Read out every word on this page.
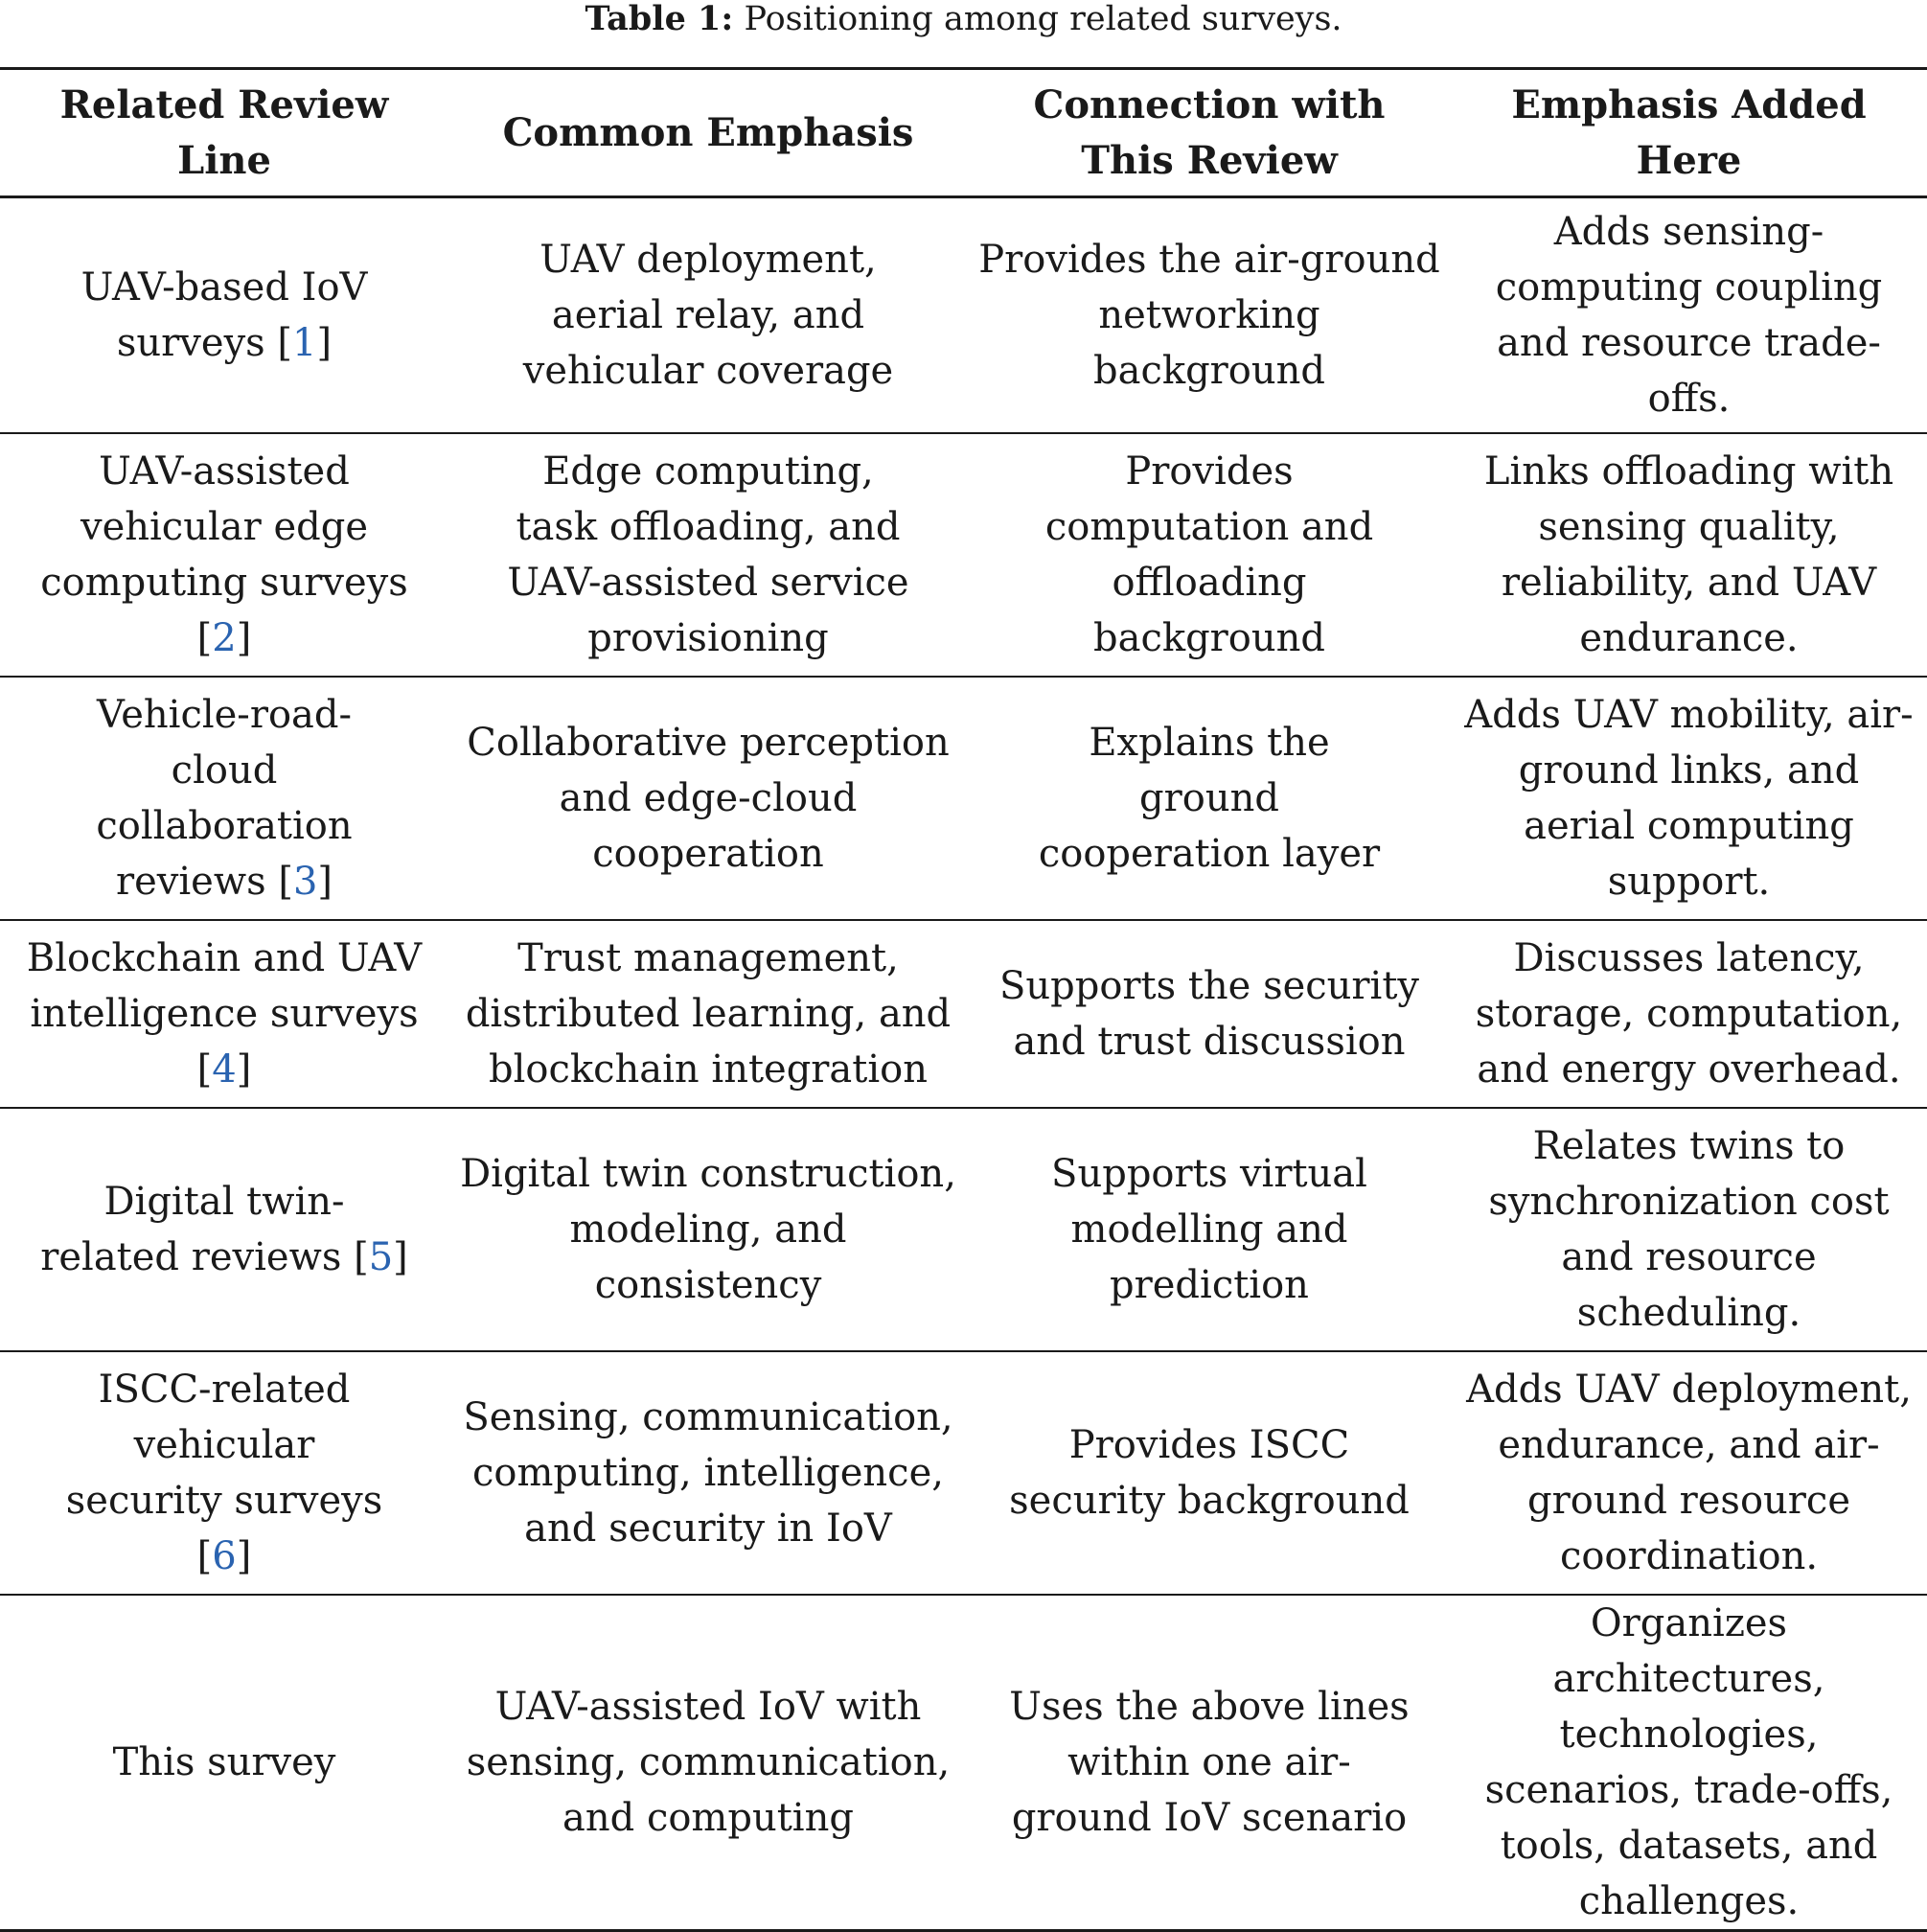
Table 1: Positioning among related surveys.
Related Review Line	Common Emphasis	Connection with This Review	Emphasis Added Here
UAV-based IoV surveys [1]	UAV deployment, aerial relay, and vehicular coverage	Provides the air-ground networking background	Adds sensing-computing coupling and resource trade-offs.
UAV-assisted vehicular edge computing surveys [2]	Edge computing, task offloading, and UAV-assisted service provisioning	Provides computation and offloading background	Links offloading with sensing quality, reliability, and UAV endurance.
Vehicle-road-cloud collaboration reviews [3]	Collaborative perception and edge-cloud cooperation	Explains the ground cooperation layer	Adds UAV mobility, air-ground links, and aerial computing support.
Blockchain and UAV intelligence surveys [4]	Trust management, distributed learning, and blockchain integration	Supports the security and trust discussion	Discusses latency, storage, computation, and energy overhead.
Digital twin-related reviews [5]	Digital twin construction, modeling, and consistency	Supports virtual modelling and prediction	Relates twins to synchronization cost and resource scheduling.
ISCC-related vehicular security surveys [6]	Sensing, communication, computing, intelligence, and security in IoV	Provides ISCC security background	Adds UAV deployment, endurance, and air-ground resource coordination.
This survey	UAV-assisted IoV with sensing, communication, and computing	Uses the above lines within one air-ground IoV scenario	Organizes architectures, technologies, scenarios, trade-offs, tools, datasets, and challenges.
